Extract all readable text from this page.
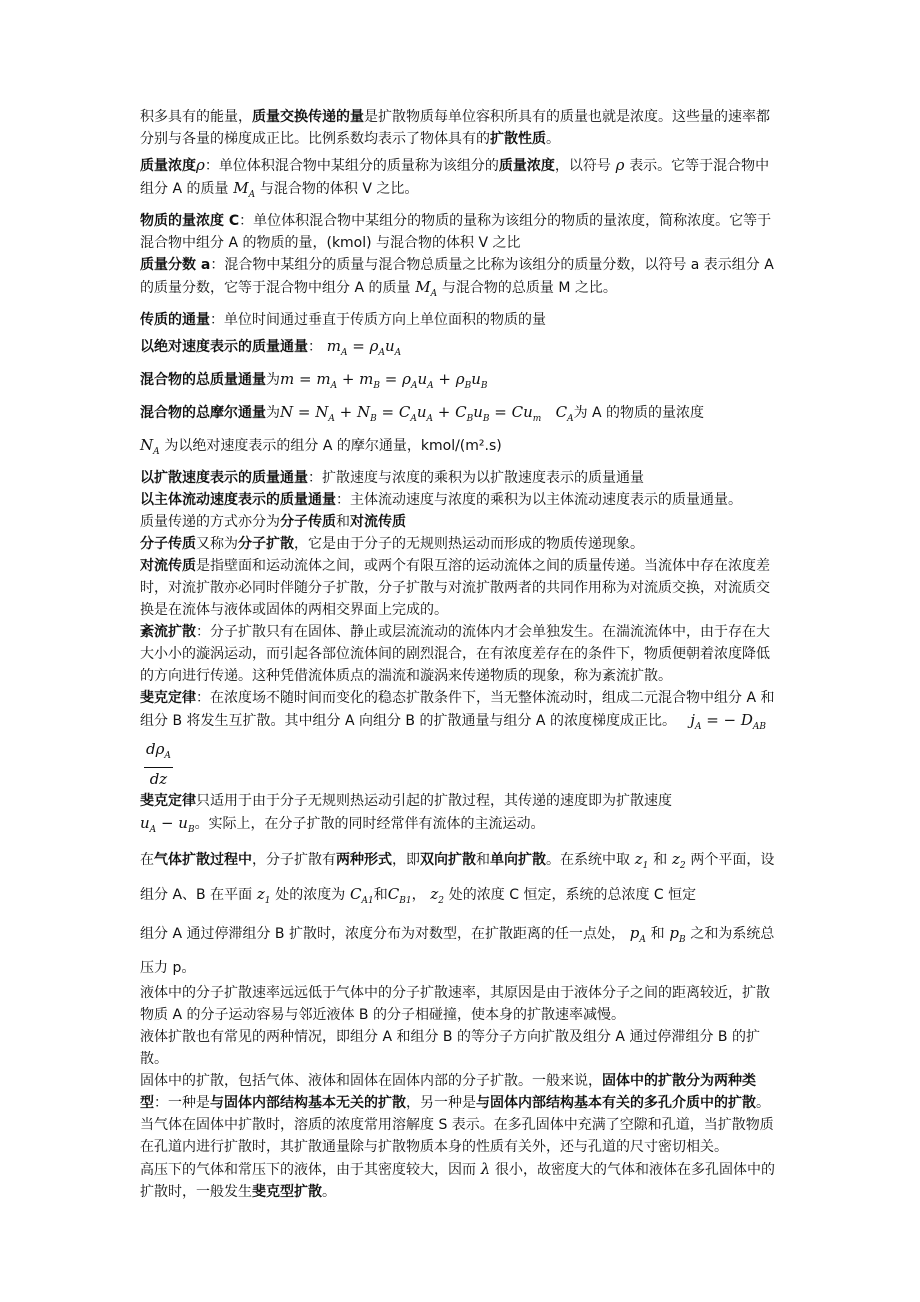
积多具有的能量，质量交换传递的量是扩散物质每单位容积所具有的质量也就是浓度。这些量的速率都分别与各量的梯度成正比。比例系数均表示了物体具有的扩散性质。

质量浓度ρ：单位体积混合物中某组分的质量称为该组分的质量浓度，以符号 ρ 表示。它等于混合物中组分 A 的质量 $M_A$ 与混合物的体积 V 之比。

物质的量浓度 C：单位体积混合物中某组分的物质的量称为该组分的物质的量浓度，简称浓度。它等于混合物中组分 A 的物质的量，(kmol) 与混合物的体积 V 之比

质量分数 a：混合物中某组分的质量与混合物总质量之比称为该组分的质量分数，以符号 a 表示组分 A 的质量分数，它等于混合物中组分 A 的质量 $M_A$ 与混合物的总质量 M 之比。

传质的通量：单位时间通过垂直于传质方向上单位面积的物质的量

以绝对速度表示的质量通量： $m_A = \rho_Au_A$

混合物的总质量通量为$m = m_A + m_B = \rho_Au_A + \rho_Bu_B$

混合物的总摩尔通量为$N = N_A + N_B = C_Au_A + C_Bu_B = Cu_m$   $C_A$为 A 的物质的量浓度

$N_A$ 为以绝对速度表示的组分 A 的摩尔通量，kmol/(m².s)

以扩散速度表示的质量通量：扩散速度与浓度的乘积为以扩散速度表示的质量通量

以主体流动速度表示的质量通量：主体流动速度与浓度的乘积为以主体流动速度表示的质量通量。

质量传递的方式亦分为分子传质和对流传质

分子传质又称为分子扩散，它是由于分子的无规则热运动而形成的物质传递现象。

对流传质是指壁面和运动流体之间，或两个有限互溶的运动流体之间的质量传递。当流体中存在浓度差时，对流扩散亦必同时伴随分子扩散，分子扩散与对流扩散两者的共同作用称为对流质交换，对流质交换是在流体与液体或固体的两相交界面上完成的。

紊流扩散：分子扩散只有在固体、静止或层流流动的流体内才会单独发生。在湍流流体中，由于存在大大小小的漩涡运动，而引起各部位流体间的剧烈混合，在有浓度差存在的条件下，物质便朝着浓度降低的方向进行传递。这种凭借流体质点的湍流和漩涡来传递物质的现象，称为紊流扩散。

斐克定律：在浓度场不随时间而变化的稳态扩散条件下，当无整体流动时，组成二元混合物中组分 A 和组分 B 将发生互扩散。其中组分 A 向组分 B 的扩散通量与组分 A 的浓度梯度成正比。   $j_A$ = − $D_{AB}$
$\frac{d\rho_A}{dz}$

斐克定律只适用于由于分子无规则热运动引起的扩散过程，其传递的速度即为扩散速度
$u_A - u_B$。实际上，在分子扩散的同时经常伴有流体的主流运动。

在气体扩散过程中，分子扩散有两种形式，即双向扩散和单向扩散。在系统中取 $z_1$ 和 $z_2$ 两个平面，设组分 A、B 在平面 $z_1$ 处的浓度为 $C_{A1}$和$C_{B1}$， $z_2$ 处的浓度 C 恒定，系统的总浓度 C 恒定

组分 A 通过停滞组分 B 扩散时，浓度分布为对数型，在扩散距离的任一点处， $p_A$ 和 $p_B$ 之和为系统总压力 p。

液体中的分子扩散速率远远低于气体中的分子扩散速率，其原因是由于液体分子之间的距离较近，扩散物质 A 的分子运动容易与邻近液体 B 的分子相碰撞，使本身的扩散速率减慢。

液体扩散也有常见的两种情况，即组分 A 和组分 B 的等分子方向扩散及组分 A 通过停滞组分 B 的扩散。

固体中的扩散，包括气体、液体和固体在固体内部的分子扩散。一般来说，固体中的扩散分为两种类型：一种是与固体内部结构基本无关的扩散，另一种是与固体内部结构基本有关的多孔介质中的扩散。当气体在固体中扩散时，溶质的浓度常用溶解度 S 表示。在多孔固体中充满了空隙和孔道，当扩散物质在孔道内进行扩散时，其扩散通量除与扩散物质本身的性质有关外，还与孔道的尺寸密切相关。

高压下的气体和常压下的液体，由于其密度较大，因而 λ 很小，故密度大的气体和液体在多孔固体中的扩散时，一般发生斐克型扩散。
